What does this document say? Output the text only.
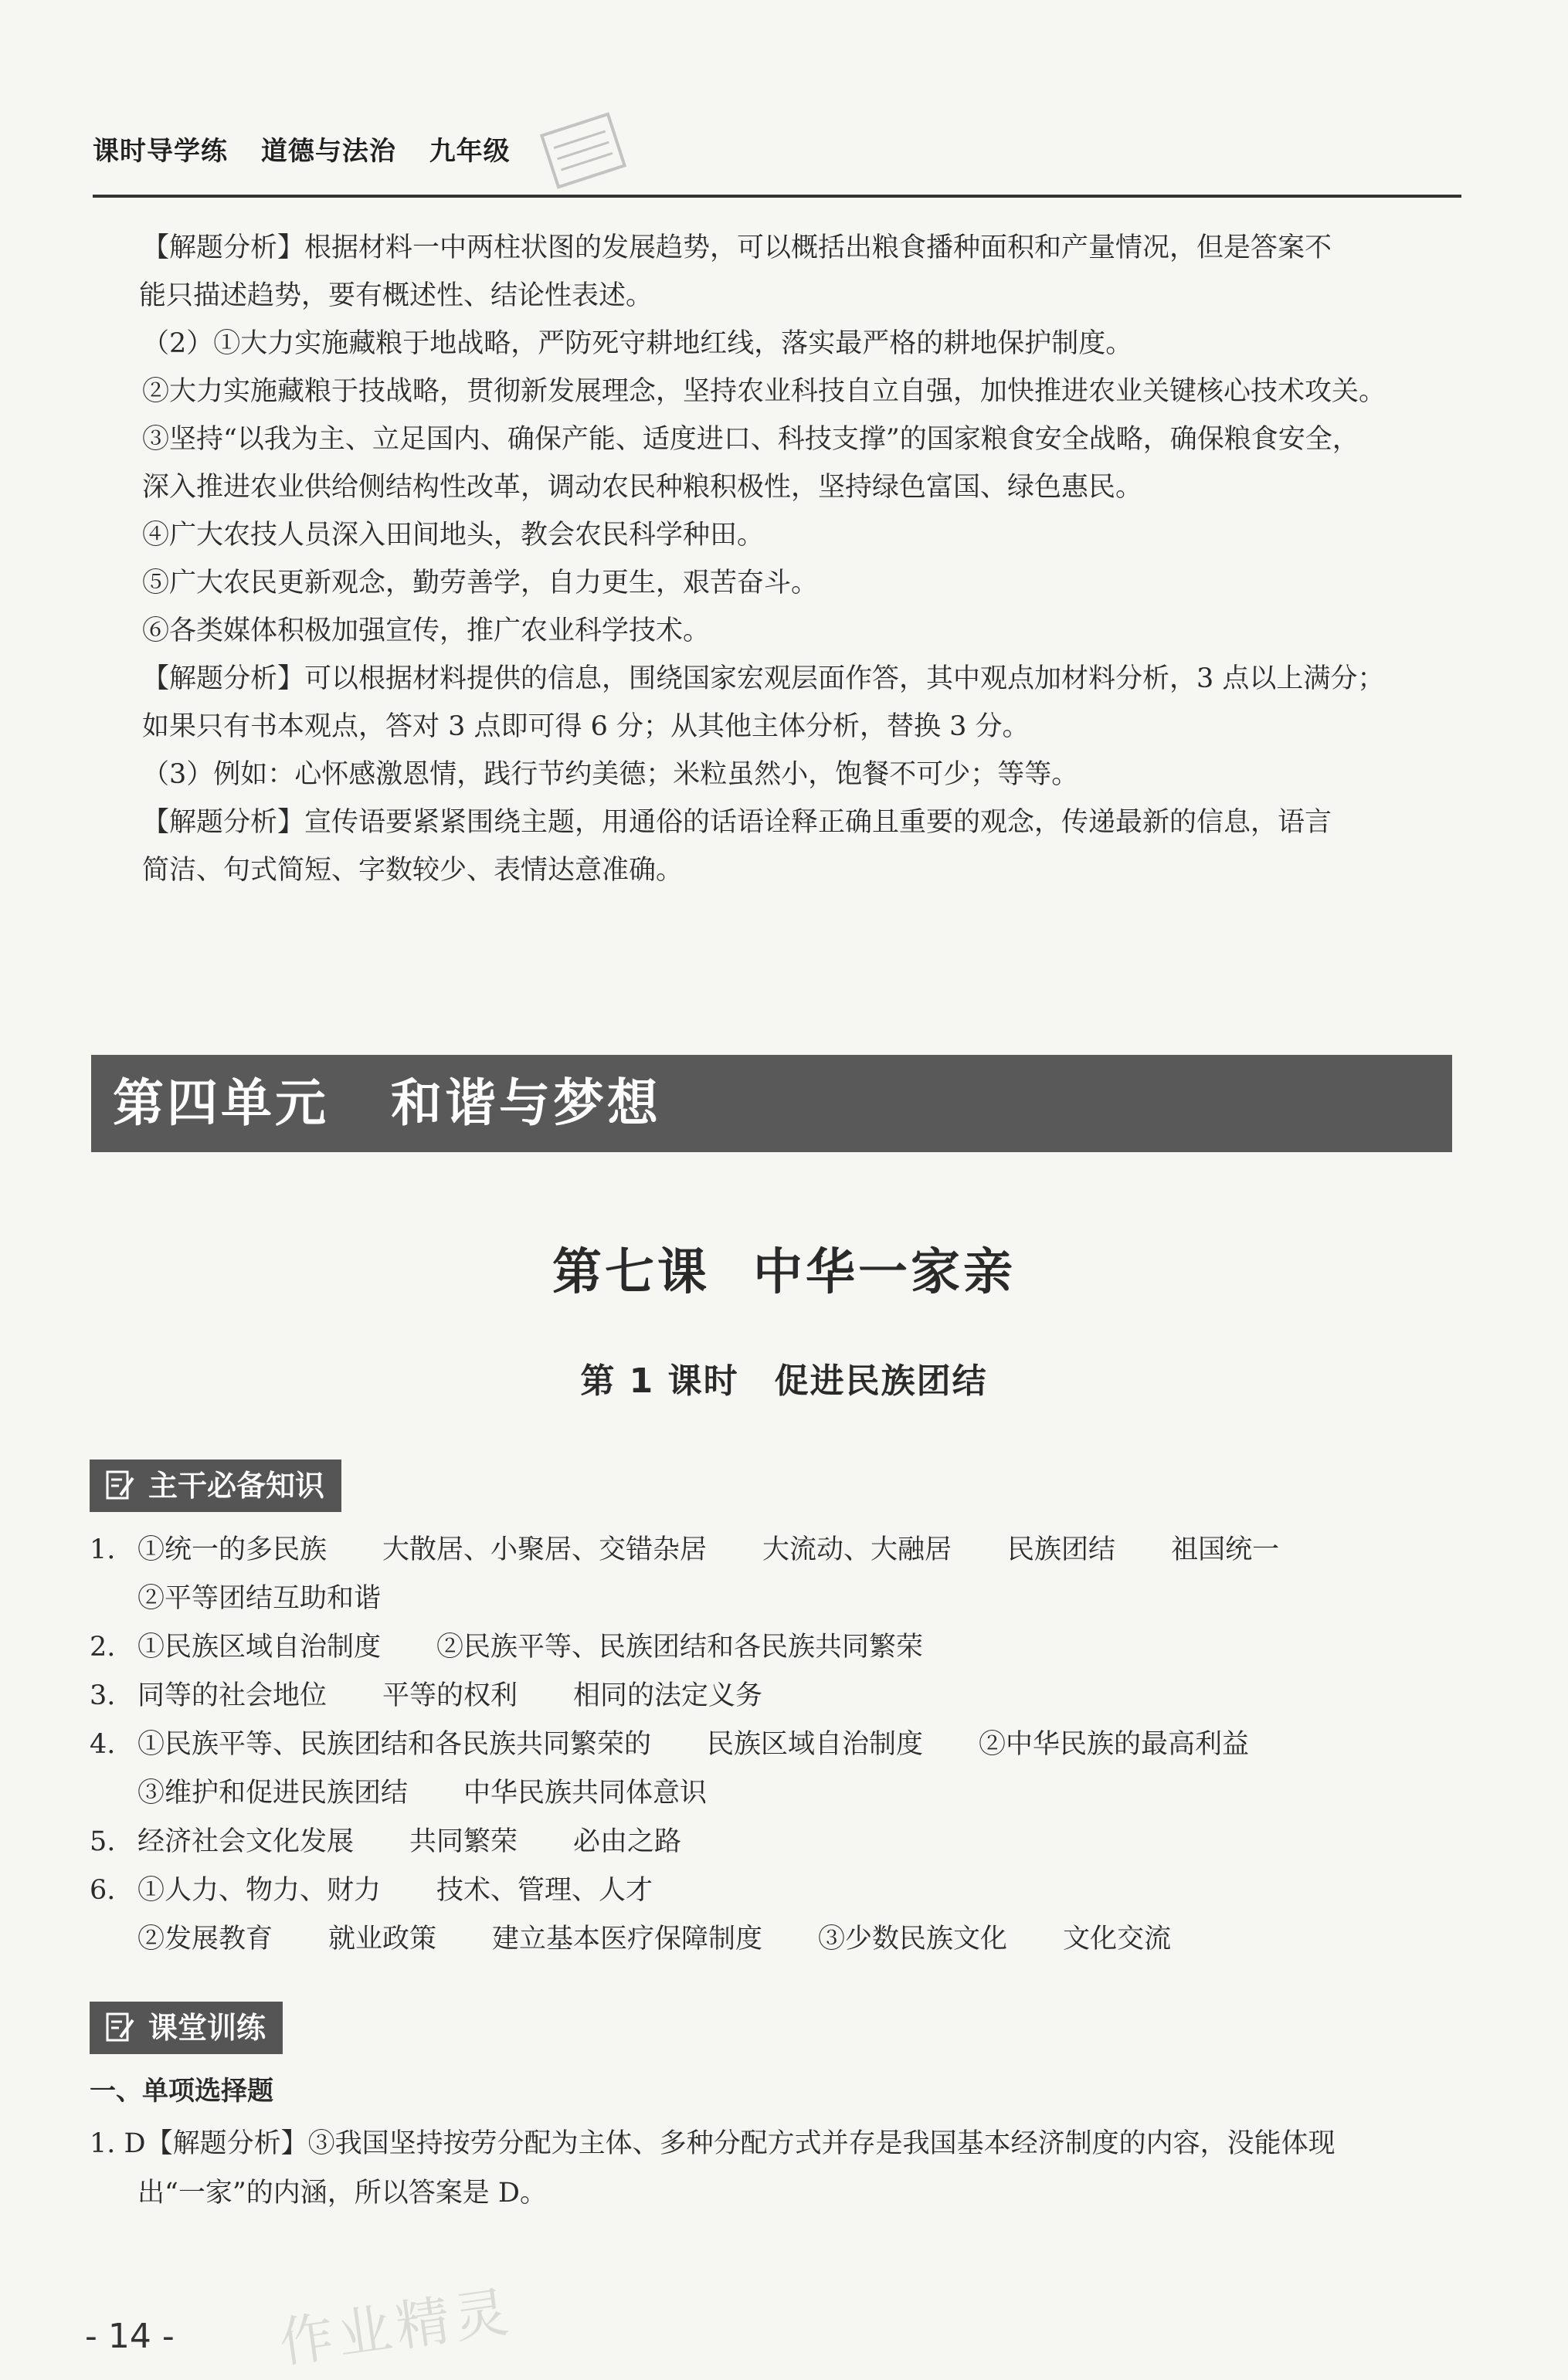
课时导学练 道德与法治 九年级

【解题分析】根据材料一中两柱状图的发展趋势，可以概括出粮食播种面积和产量情况，但是答案不

能只描述趋势，要有概述性、结论性表述。

（2）①大力实施藏粮于地战略，严防死守耕地红线，落实最严格的耕地保护制度。

②大力实施藏粮于技战略，贯彻新发展理念，坚持农业科技自立自强，加快推进农业关键核心技术攻关。

③坚持“以我为主、立足国内、确保产能、适度进口、科技支撑”的国家粮食安全战略，确保粮食安全，

深入推进农业供给侧结构性改革，调动农民种粮积极性，坚持绿色富国、绿色惠民。

④广大农技人员深入田间地头，教会农民科学种田。

⑤广大农民更新观念，勤劳善学，自力更生，艰苦奋斗。

⑥各类媒体积极加强宣传，推广农业科学技术。

【解题分析】可以根据材料提供的信息，围绕国家宏观层面作答，其中观点加材料分析，3 点以上满分；

如果只有书本观点，答对 3 点即可得 6 分；从其他主体分析，替换 3 分。

（3）例如：心怀感激恩情，践行节约美德；米粒虽然小，饱餐不可少；等等。

【解题分析】宣传语要紧紧围绕主题，用通俗的话语诠释正确且重要的观念，传递最新的信息，语言

简洁、句式简短、字数较少、表情达意准确。

第四单元 和谐与梦想
第七课 中华一家亲
第 1 课时 促进民族团结
主干必备知识
1. ①统一的多民族 大散居、小聚居、交错杂居 大流动、大融居 民族团结 祖国统一
②平等团结互助和谐
2. ①民族区域自治制度 ②民族平等、民族团结和各民族共同繁荣
3. 同等的社会地位 平等的权利 相同的法定义务
4. ①民族平等、民族团结和各民族共同繁荣的 民族区域自治制度 ②中华民族的最高利益
③维护和促进民族团结 中华民族共同体意识
5. 经济社会文化发展 共同繁荣 必由之路
6. ①人力、物力、财力 技术、管理、人才
②发展教育 就业政策 建立基本医疗保障制度 ③少数民族文化 文化交流
课堂训练
一、单项选择题
1. D【解题分析】③我国坚持按劳分配为主体、多种分配方式并存是我国基本经济制度的内容，没能体现
出“一家”的内涵，所以答案是 D。
作业精灵
- 14 -
